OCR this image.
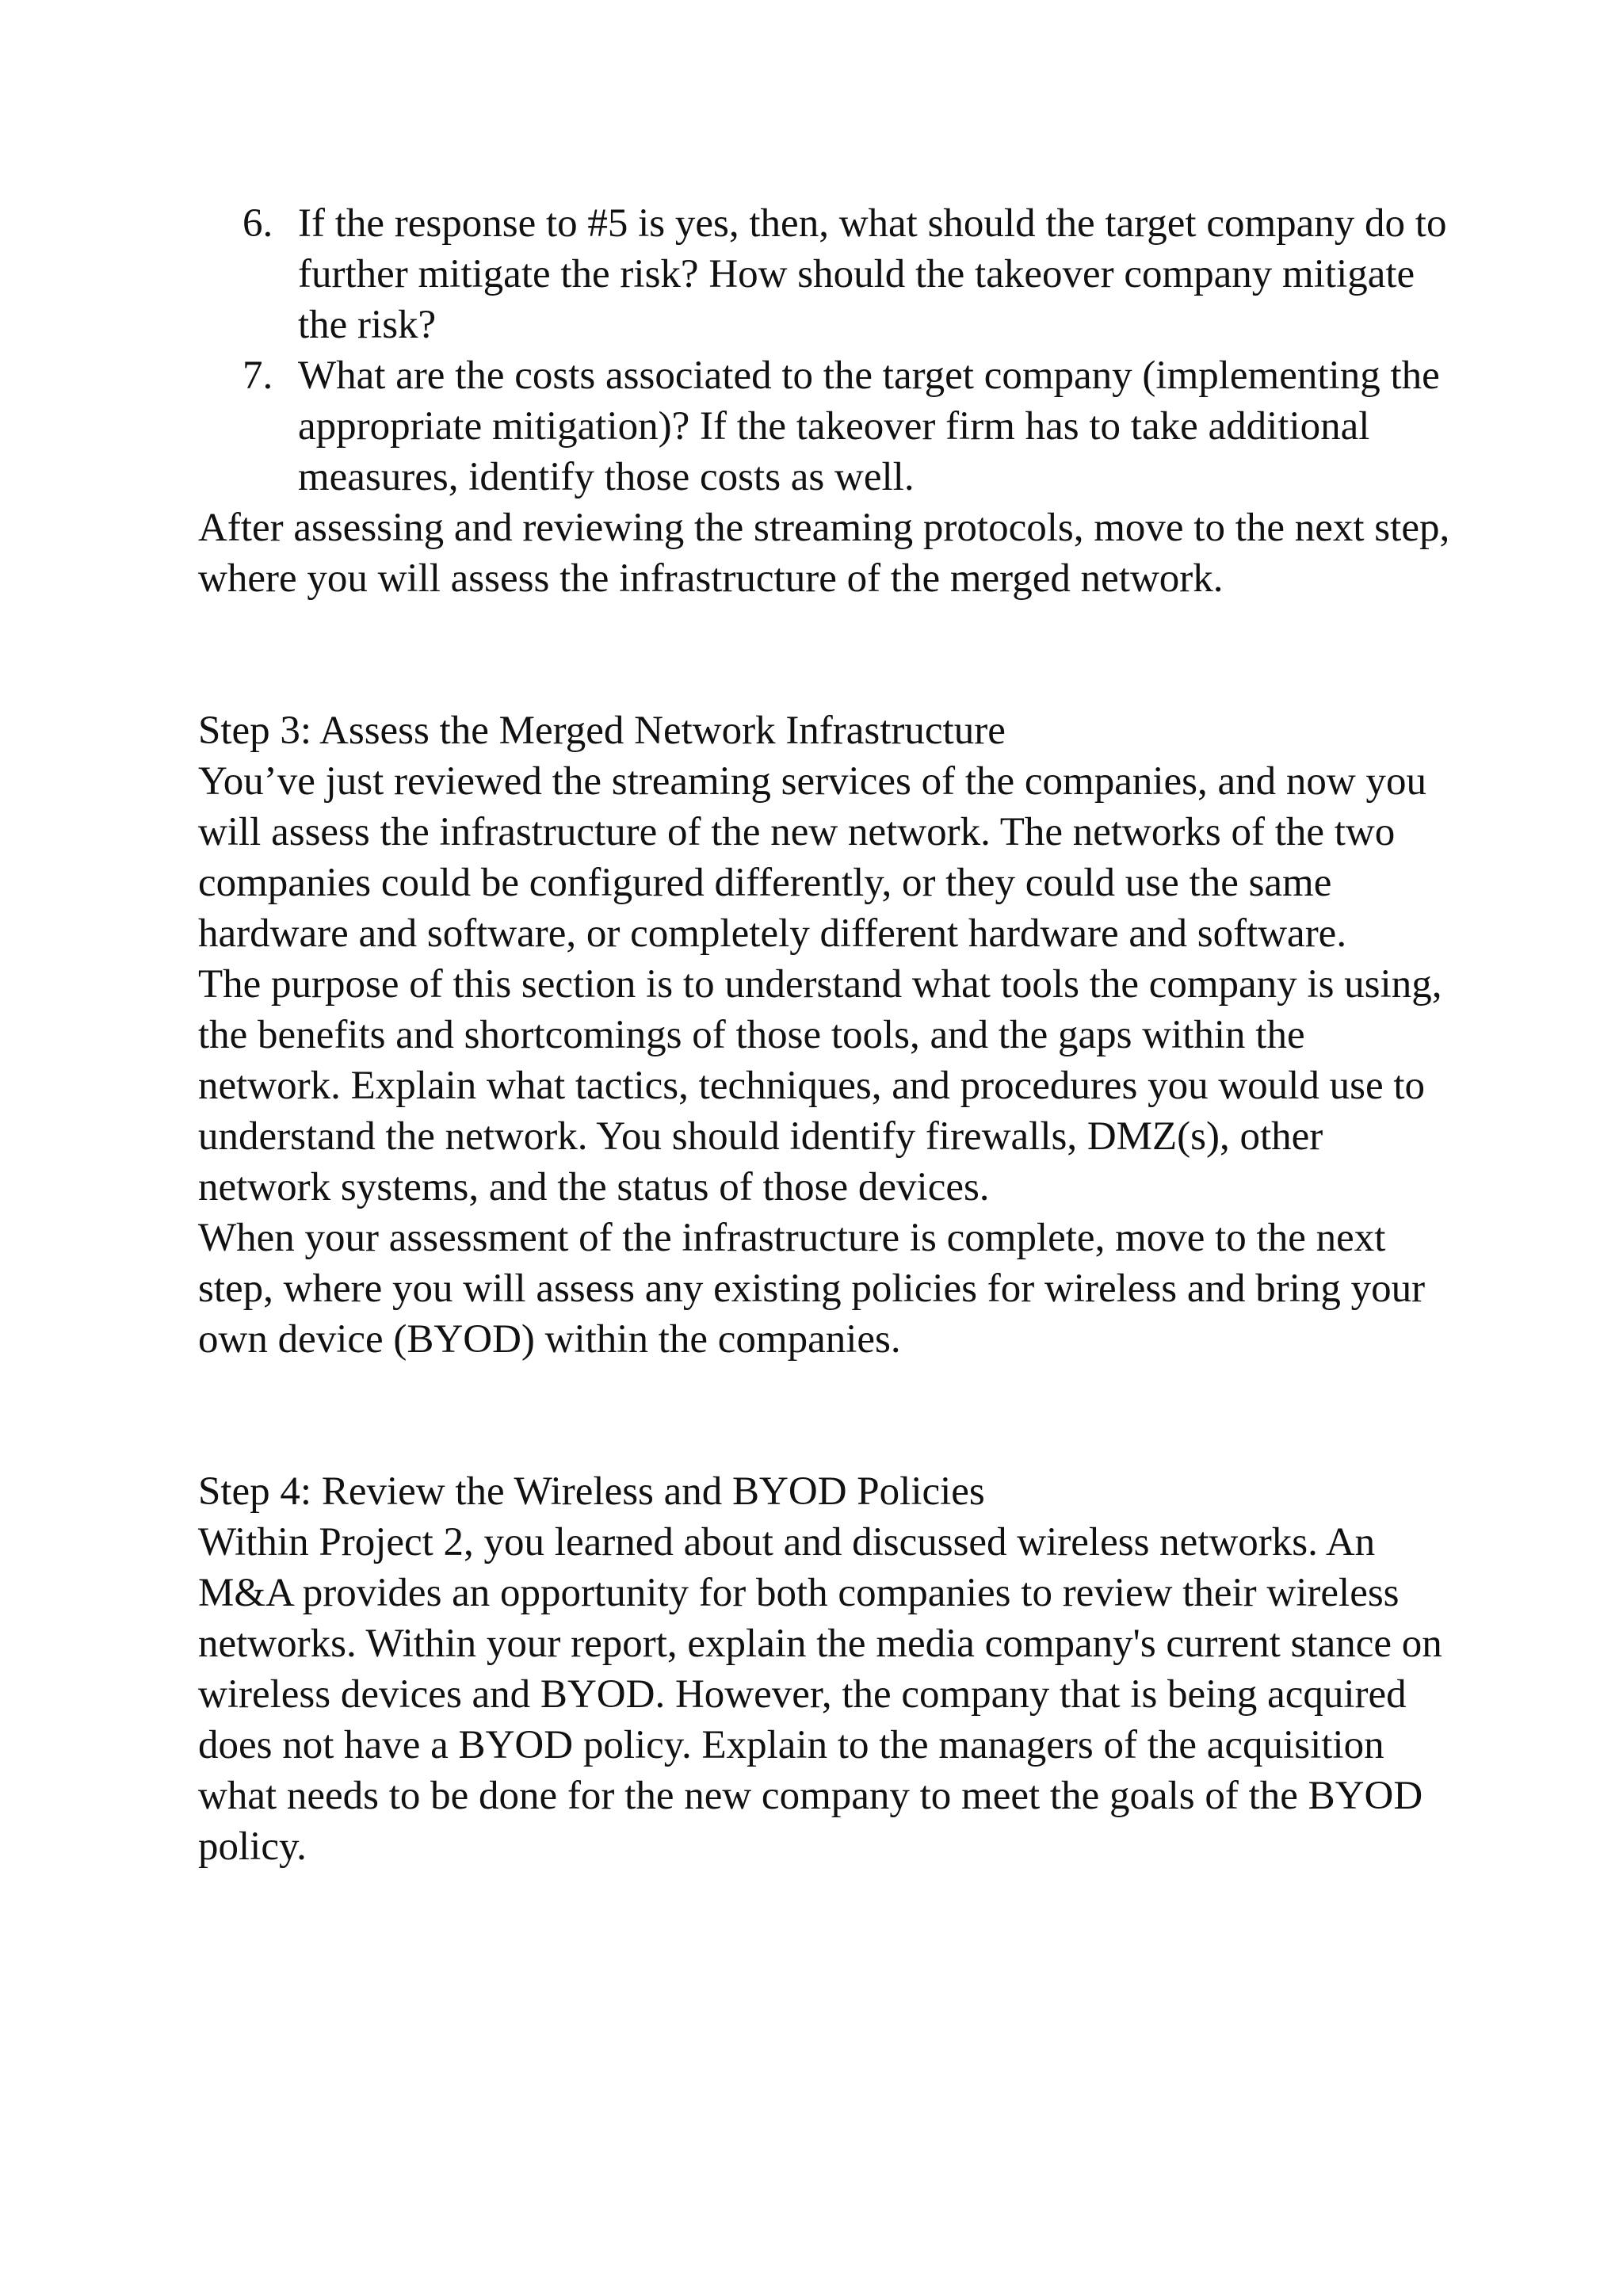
6. If the response to #5 is yes, then, what should the target company do to further mitigate the risk? How should the takeover company mitigate the risk?
7. What are the costs associated to the target company (implementing the appropriate mitigation)? If the takeover firm has to take additional measures, identify those costs as well.

After assessing and reviewing the streaming protocols, move to the next step, where you will assess the infrastructure of the merged network.

Step 3: Assess the Merged Network Infrastructure

You’ve just reviewed the streaming services of the companies, and now you will assess the infrastructure of the new network. The networks of the two companies could be configured differently, or they could use the same hardware and software, or completely different hardware and software.

The purpose of this section is to understand what tools the company is using, the benefits and shortcomings of those tools, and the gaps within the network. Explain what tactics, techniques, and procedures you would use to understand the network. You should identify firewalls, DMZ(s), other network systems, and the status of those devices.

When your assessment of the infrastructure is complete, move to the next step, where you will assess any existing policies for wireless and bring your own device (BYOD) within the companies.

Step 4: Review the Wireless and BYOD Policies

Within Project 2, you learned about and discussed wireless networks. An M&A provides an opportunity for both companies to review their wireless networks. Within your report, explain the media company's current stance on wireless devices and BYOD. However, the company that is being acquired does not have a BYOD policy. Explain to the managers of the acquisition what needs to be done for the new company to meet the goals of the BYOD policy.
